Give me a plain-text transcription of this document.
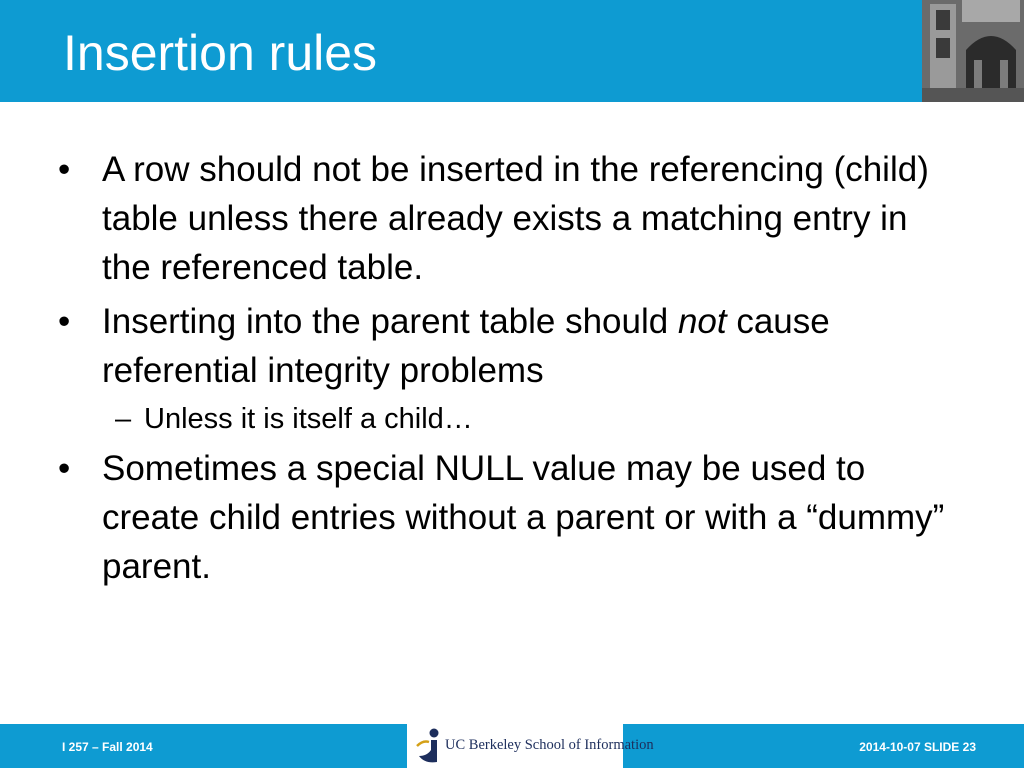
Insertion rules
• A row should not be inserted in the referencing (child) table unless there already exists a matching entry in the referenced table.
• Inserting into the parent table should not cause referential integrity problems
– Unless it is itself a child…
• Sometimes a special NULL value may be used to create child entries without a parent or with a “dummy” parent.
I 257 – Fall 2014	UC Berkeley School of Information	2014-10-07 SLIDE 23
